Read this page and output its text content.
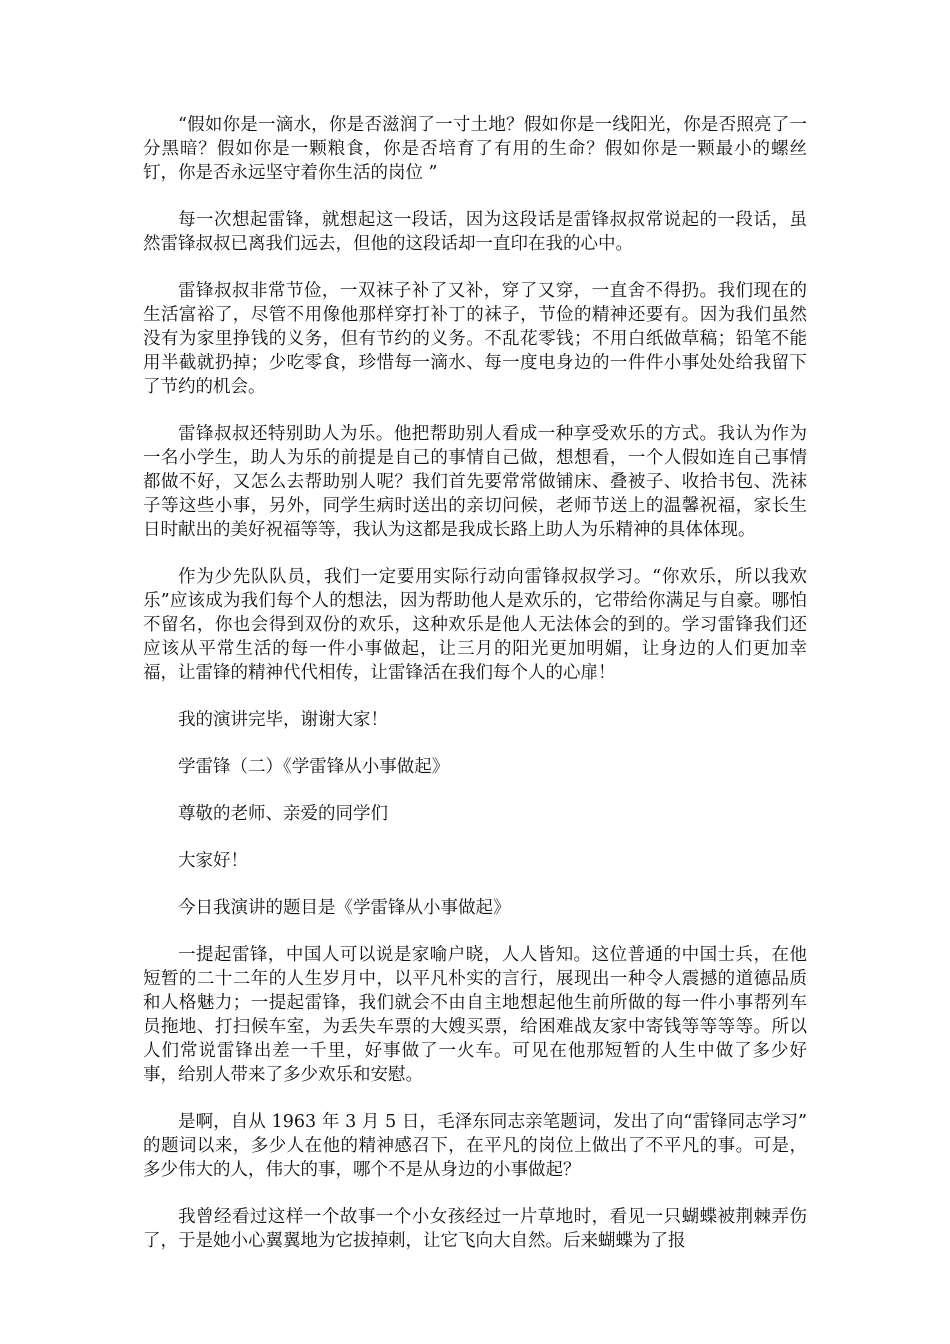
“假如你是一滴水，你是否滋润了一寸土地？假如你是一线阳光，你是否照亮了一分黑暗？假如你是一颗粮食，你是否培育了有用的生命？假如你是一颗最小的螺丝钉，你是否永远坚守着你生活的岗位 ”

每一次想起雷锋，就想起这一段话，因为这段话是雷锋叔叔常说起的一段话，虽然雷锋叔叔已离我们远去，但他的这段话却一直印在我的心中。

雷锋叔叔非常节俭，一双袜子补了又补，穿了又穿，一直舍不得扔。我们现在的生活富裕了，尽管不用像他那样穿打补丁的袜子，节俭的精神还要有。因为我们虽然没有为家里挣钱的义务，但有节约的义务。不乱花零钱；不用白纸做草稿；铅笔不能用半截就扔掉；少吃零食，珍惜每一滴水、每一度电身边的一件件小事处处给我留下了节约的机会。

雷锋叔叔还特别助人为乐。他把帮助别人看成一种享受欢乐的方式。我认为作为一名小学生，助人为乐的前提是自己的事情自己做，想想看，一个人假如连自己事情都做不好，又怎么去帮助别人呢？我们首先要常常做铺床、叠被子、收拾书包、洗袜子等这些小事，另外，同学生病时送出的亲切问候，老师节送上的温馨祝福，家长生日时献出的美好祝福等等，我认为这都是我成长路上助人为乐精神的具体体现。

作为少先队队员，我们一定要用实际行动向雷锋叔叔学习。“你欢乐，所以我欢乐”应该成为我们每个人的想法，因为帮助他人是欢乐的，它带给你满足与自豪。哪怕不留名，你也会得到双份的欢乐，这种欢乐是他人无法体会的到的。学习雷锋我们还应该从平常生活的每一件小事做起，让三月的阳光更加明媚，让身边的人们更加幸福，让雷锋的精神代代相传，让雷锋活在我们每个人的心扉！

我的演讲完毕，谢谢大家！

学雷锋（二）《学雷锋从小事做起》

尊敬的老师、亲爱的同学们

大家好！

今日我演讲的题目是《学雷锋从小事做起》

一提起雷锋，中国人可以说是家喻户晓，人人皆知。这位普通的中国士兵，在他短暂的二十二年的人生岁月中，以平凡朴实的言行，展现出一种令人震撼的道德品质和人格魅力；一提起雷锋，我们就会不由自主地想起他生前所做的每一件小事帮列车员拖地、打扫候车室，为丢失车票的大嫂买票，给困难战友家中寄钱等等等等。所以人们常说雷锋出差一千里，好事做了一火车。可见在他那短暂的人生中做了多少好事，给别人带来了多少欢乐和安慰。

是啊，自从 1963 年 3 月 5 日，毛泽东同志亲笔题词，发出了向“雷锋同志学习” 的题词以来，多少人在他的精神感召下，在平凡的岗位上做出了不平凡的事。可是，多少伟大的人，伟大的事，哪个不是从身边的小事做起？

我曾经看过这样一个故事一个小女孩经过一片草地时，看见一只蝴蝶被荆棘弄伤了，于是她小心翼翼地为它拔掉刺，让它飞向大自然。后来蝴蝶为了报
